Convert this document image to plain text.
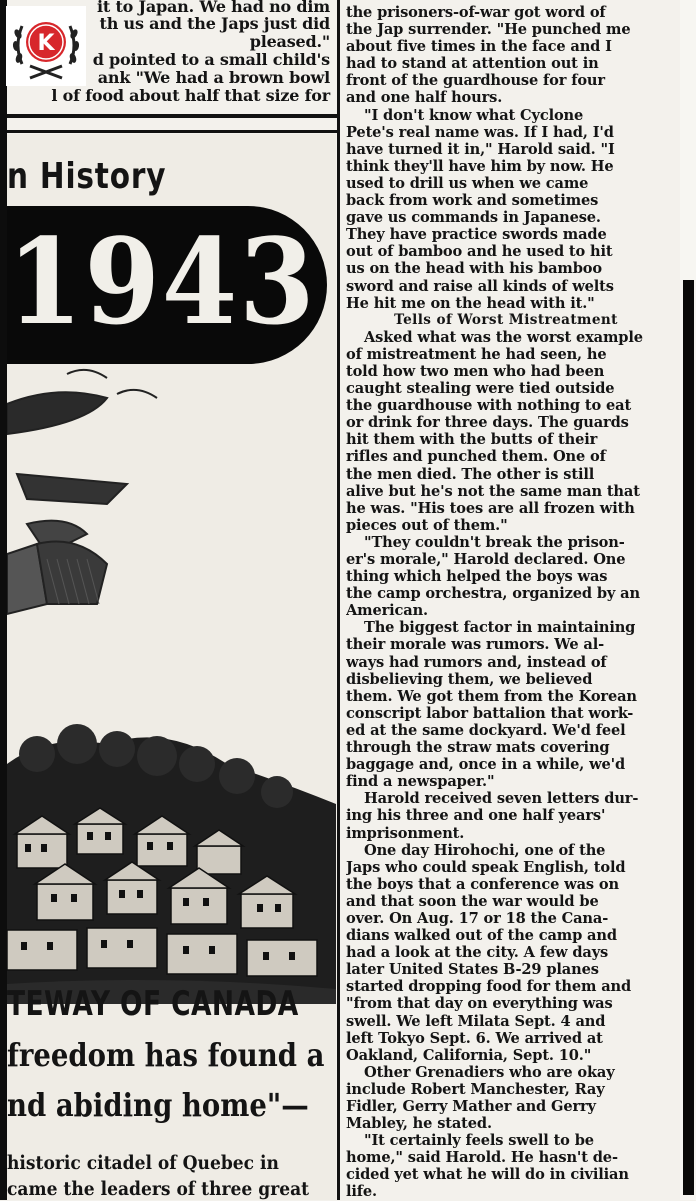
it to Japan. We had no dim
th us and the Japs just did
pleased."
d pointed to a small child's
ank "We had a brown bowl
l of food about half that size for
K
n History
1943
TEWAY OF CANADA
freedom has found a
nd abiding home"—
historic citadel of Quebec in
came the leaders of three great
the prisoners-of-war got word of
the Jap surrender. "He punched me
about five times in the face and I
had to stand at attention out in
front of the guardhouse for four
and one half hours.
"I don't know what Cyclone
Pete's real name was. If I had, I'd
have turned it in," Harold said. "I
think they'll have him by now. He
used to drill us when we came
back from work and sometimes
gave us commands in Japanese.
They have practice swords made
out of bamboo and he used to hit
us on the head with his bamboo
sword and raise all kinds of welts
He hit me on the head with it."
Tells of Worst Mistreatment
Asked what was the worst example
of mistreatment he had seen, he
told how two men who had been
caught stealing were tied outside
the guardhouse with nothing to eat
or drink for three days. The guards
hit them with the butts of their
rifles and punched them. One of
the men died. The other is still
alive but he's not the same man that
he was. "His toes are all frozen with
pieces out of them."
"They couldn't break the prison-
er's morale," Harold declared. One
thing which helped the boys was
the camp orchestra, organized by an
American.
The biggest factor in maintaining
their morale was rumors. We al-
ways had rumors and, instead of
disbelieving them, we believed
them. We got them from the Korean
conscript labor battalion that work-
ed at the same dockyard. We'd feel
through the straw mats covering
baggage and, once in a while, we'd
find a newspaper."
Harold received seven letters dur-
ing his three and one half years'
imprisonment.
One day Hirohochi, one of the
Japs who could speak English, told
the boys that a conference was on
and that soon the war would be
over. On Aug. 17 or 18 the Cana-
dians walked out of the camp and
had a look at the city. A few days
later United States B-29 planes
started dropping food for them and
"from that day on everything was
swell. We left Milata Sept. 4 and
left Tokyo Sept. 6. We arrived at
Oakland, California, Sept. 10."
Other Grenadiers who are okay
include Robert Manchester, Ray
Fidler, Gerry Mather and Gerry
Mabley, he stated.
"It certainly feels swell to be
home," said Harold. He hasn't de-
cided yet what he will do in civilian
life.
